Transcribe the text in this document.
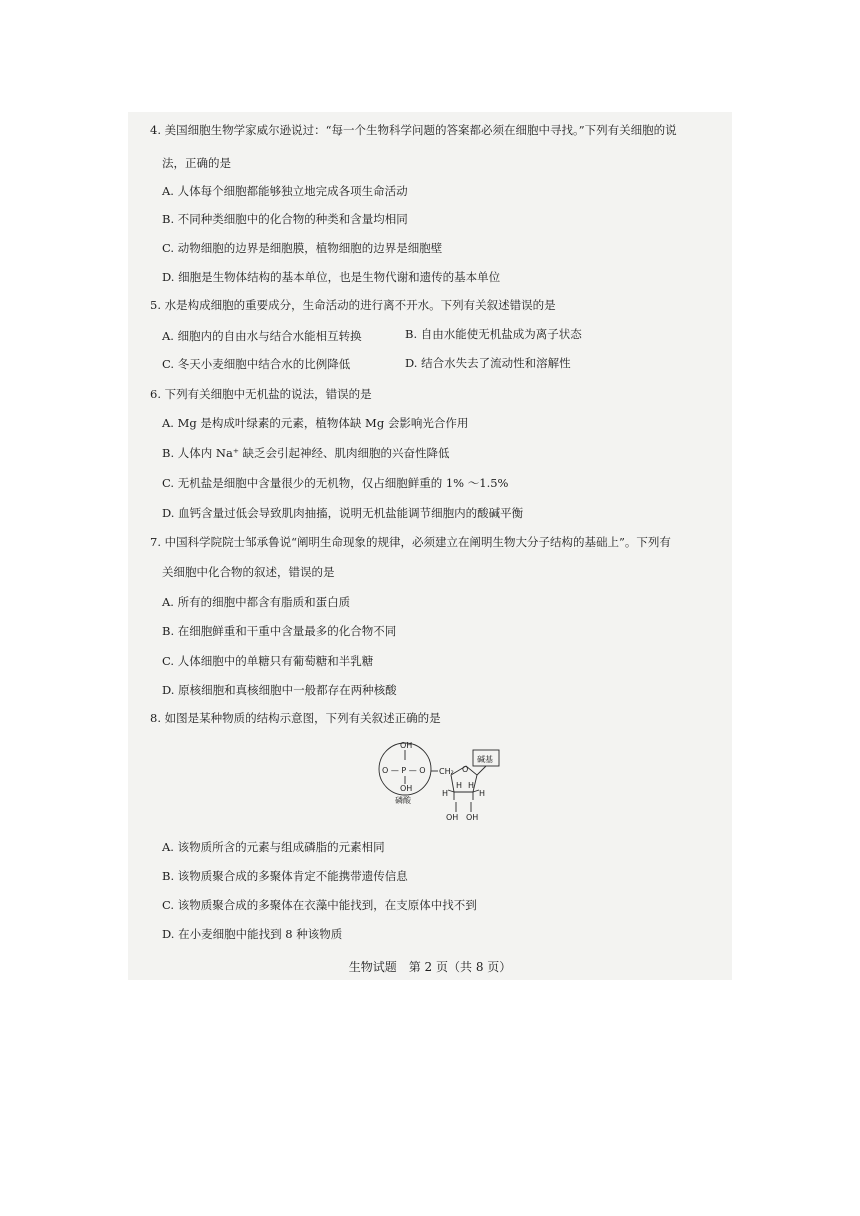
4. 美国细胞生物学家威尔逊说过：“每一个生物科学问题的答案都必须在细胞中寻找。”下列有关细胞的说
法，正确的是
A. 人体每个细胞都能够独立地完成各项生命活动
B. 不同种类细胞中的化合物的种类和含量均相同
C. 动物细胞的边界是细胞膜，植物细胞的边界是细胞壁
D. 细胞是生物体结构的基本单位，也是生物代谢和遗传的基本单位
5. 水是构成细胞的重要成分，生命活动的进行离不开水。下列有关叙述错误的是
A. 细胞内的自由水与结合水能相互转换	B. 自由水能使无机盐成为离子状态
C. 冬天小麦细胞中结合水的比例降低	D. 结合水失去了流动性和溶解性
6. 下列有关细胞中无机盐的说法，错误的是
A. Mg 是构成叶绿素的元素，植物体缺 Mg 会影响光合作用
B. 人体内 Na⁺ 缺乏会引起神经、肌肉细胞的兴奋性降低
C. 无机盐是细胞中含量很少的无机物，仅占细胞鲜重的 1% ～1.5%
D. 血钙含量过低会导致肌肉抽搐，说明无机盐能调节细胞内的酸碱平衡
7. 中国科学院院士邹承鲁说“阐明生命现象的规律，必须建立在阐明生物大分子结构的基础上”。下列有
关细胞中化合物的叙述，错误的是
A. 所有的细胞中都含有脂质和蛋白质
B. 在细胞鲜重和干重中含量最多的化合物不同
C. 人体细胞中的单糖只有葡萄糖和半乳糖
D. 原核细胞和真核细胞中一般都存在两种核酸
8. 如图是某种物质的结构示意图，下列有关叙述正确的是
OH
O — P — O
OH
磷酸
CH₂ O
碱基
H H
H	H
OH OH
A. 该物质所含的元素与组成磷脂的元素相同
B. 该物质聚合成的多聚体肯定不能携带遗传信息
C. 该物质聚合成的多聚体在衣藻中能找到，在支原体中找不到
D. 在小麦细胞中能找到 8 种该物质
生物试题　第 2 页（共 8 页）
